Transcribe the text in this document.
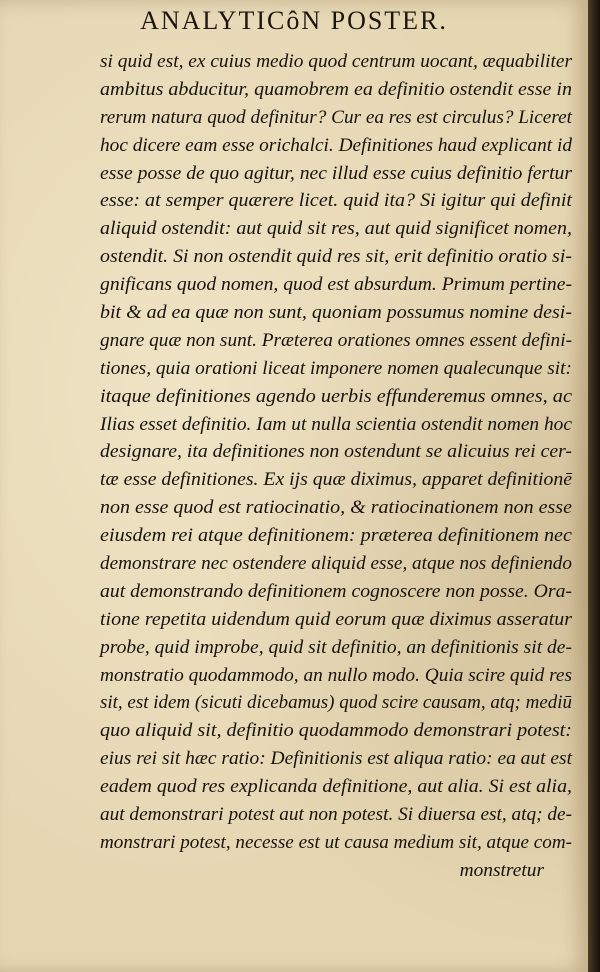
ANALYTICôN POSTER.
si quid est, ex cuius medio quod centrum uocant, æquabiliter
ambitus abducitur, quamobrem ea definitio ostendit esse in
rerum natura quod definitur? Cur ea res est circulus? Liceret
hoc dicere eam esse orichalci. Definitiones haud explicant id
esse posse de quo agitur, nec illud esse cuius definitio fertur
esse: at semper quærere licet. quid ita? Si igitur qui definit
aliquid ostendit: aut quid sit res, aut quid significet nomen,
ostendit. Si non ostendit quid res sit, erit definitio oratio si-
gnificans quod nomen, quod est absurdum. Primum pertine-
bit & ad ea quæ non sunt, quoniam possumus nomine desi-
gnare quæ non sunt. Præterea orationes omnes essent defini-
tiones, quia orationi liceat imponere nomen qualecunque sit:
itaque definitiones agendo uerbis effunderemus omnes, ac
Ilias esset definitio. Iam ut nulla scientia ostendit nomen hoc
designare, ita definitiones non ostendunt se alicuius rei cer-
tæ esse definitiones. Ex ijs quæ diximus, apparet definitionē
non esse quod est ratiocinatio, & ratiocinationem non esse
eiusdem rei atque definitionem: præterea definitionem nec
demonstrare nec ostendere aliquid esse, atque nos definiendo
aut demonstrando definitionem cognoscere non posse. Ora-
tione repetita uidendum quid eorum quæ diximus asseratur
probe, quid improbe, quid sit definitio, an definitionis sit de-
monstratio quodammodo, an nullo modo. Quia scire quid res
sit, est idem (sicuti dicebamus) quod scire causam, atq; mediū
quo aliquid sit, definitio quodammodo demonstrari potest:
eius rei sit hæc ratio: Definitionis est aliqua ratio: ea aut est
eadem quod res explicanda definitione, aut alia. Si est alia,
aut demonstrari potest aut non potest. Si diuersa est, atq; de-
monstrari potest, necesse est ut causa medium sit, atque com-
monstretur
